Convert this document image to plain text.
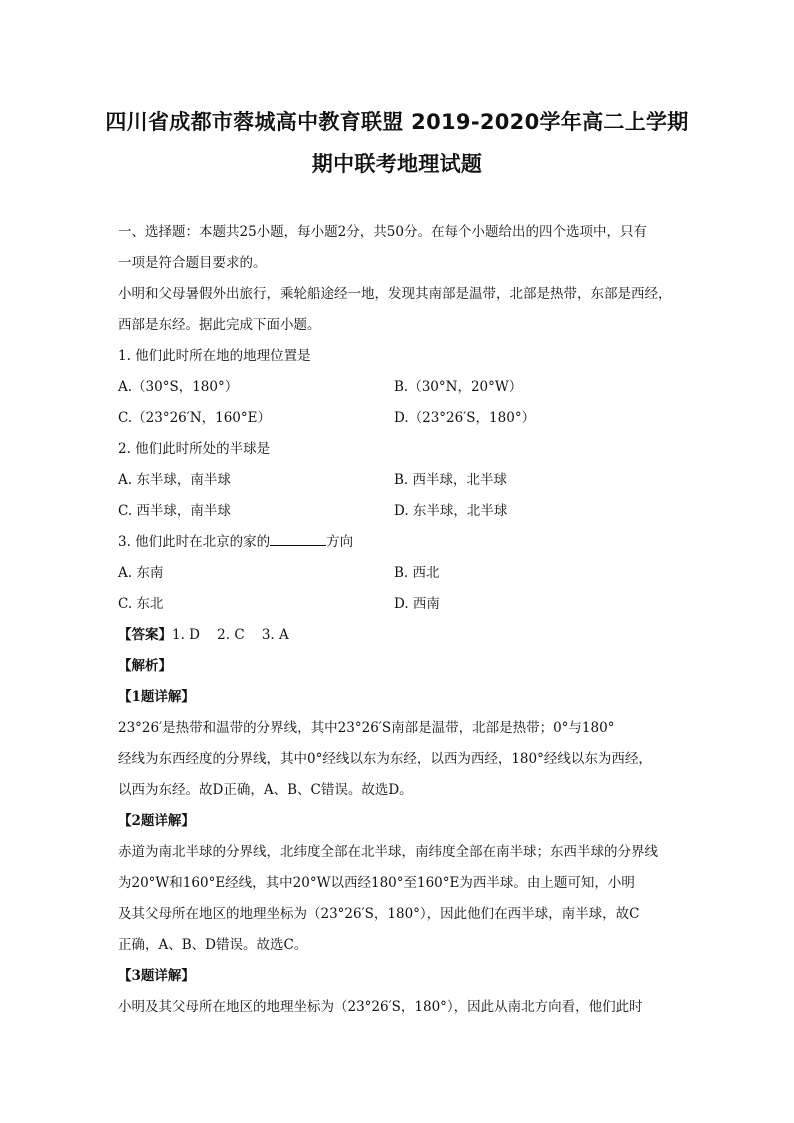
四川省成都市蓉城高中教育联盟 2019-2020学年高二上学期
期中联考地理试题
一、选择题：本题共25小题，每小题2分，共50分。在每个小题给出的四个选项中，只有
一项是符合题目要求的。
小明和父母暑假外出旅行，乘轮船途经一地，发现其南部是温带，北部是热带，东部是西经，
西部是东经。据此完成下面小题。
1. 他们此时所在地的地理位置是
A.（30°S，180°）	B.（30°N，20°W）
C.（23°26′N，160°E）	D.（23°26′S，180°）
2. 他们此时所处的半球是
A. 东半球，南半球	B. 西半球，北半球
C. 西半球，南半球	D. 东半球，北半球
3. 他们此时在北京的家的	方向
A. 东南	B. 西北
C. 东北	D. 西南
【答案】1. D    2. C    3. A
【解析】
【1题详解】
23°26′是热带和温带的分界线，其中23°26′S南部是温带，北部是热带；0°与180°
经线为东西经度的分界线，其中0°经线以东为东经，以西为西经，180°经线以东为西经，
以西为东经。故D正确，A、B、C错误。故选D。
【2题详解】
赤道为南北半球的分界线，北纬度全部在北半球，南纬度全部在南半球；东西半球的分界线
为20°W和160°E经线，其中20°W以西经180°至160°E为西半球。由上题可知，小明
及其父母所在地区的地理坐标为（23°26′S，180°），因此他们在西半球，南半球，故C
正确，A、B、D错误。故选C。
【3题详解】
小明及其父母所在地区的地理坐标为（23°26′S，180°），因此从南北方向看，他们此时
